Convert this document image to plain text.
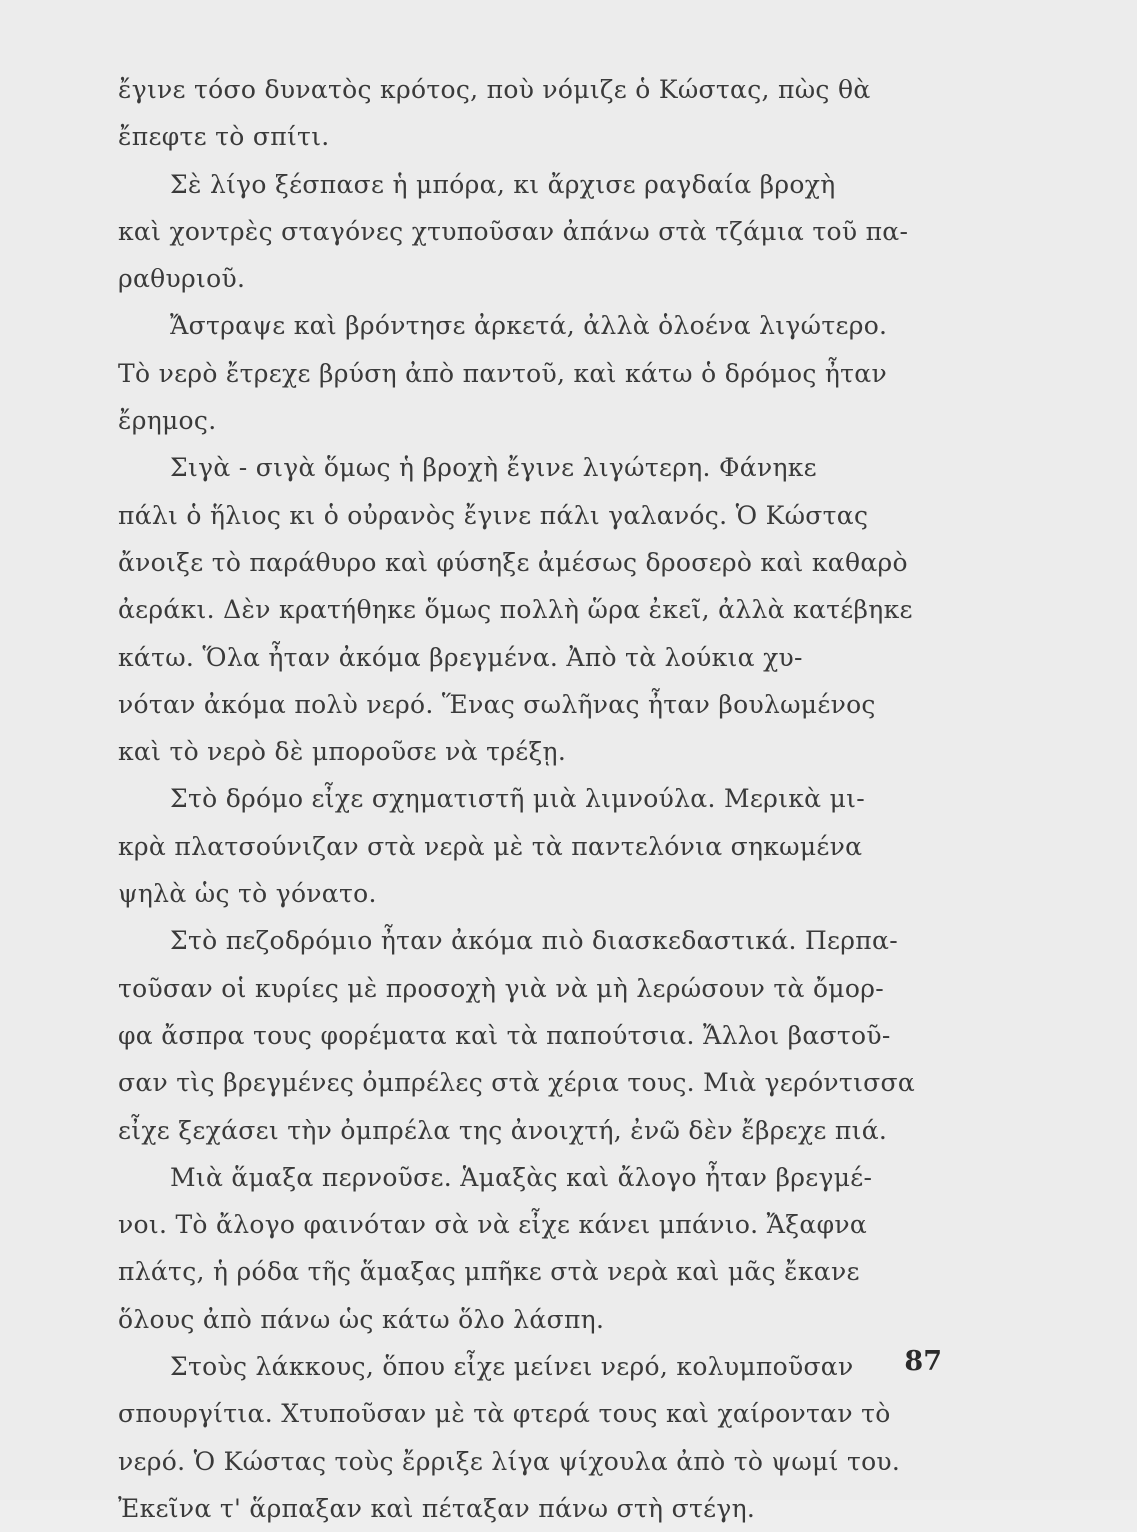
ἔγινε τόσο δυνατὸς κρότος, ποὺ νόμιζε ὁ Κώστας, πὼς θὰ
ἔπεφτε τὸ σπίτι.
Σὲ λίγο ξέσπασε ἡ μπόρα, κι ἄρχισε ραγδαία βροχὴ
καὶ χοντρὲς σταγόνες χτυποῦσαν ἀπάνω στὰ τζάμια τοῦ πα-
ραθυριοῦ.
Ἄστραψε καὶ βρόντησε ἀρκετά, ἀλλὰ ὁλοένα λιγώτερο.
Τὸ νερὸ ἔτρεχε βρύση ἀπὸ παντοῦ, καὶ κάτω ὁ δρόμος ἦταν
ἔρημος.
Σιγὰ - σιγὰ ὅμως ἡ βροχὴ ἔγινε λιγώτερη. Φάνηκε
πάλι ὁ ἥλιος κι ὁ οὐρανὸς ἔγινε πάλι γαλανός. Ὁ Κώστας
ἄνοιξε τὸ παράθυρο καὶ φύσηξε ἀμέσως δροσερὸ καὶ καθαρὸ
ἀεράκι. Δὲν κρατήθηκε ὅμως πολλὴ ὥρα ἐκεῖ, ἀλλὰ κατέβηκε
κάτω. Ὅλα ἦταν ἀκόμα βρεγμένα. Ἀπὸ τὰ λούκια χυ-
νόταν ἀκόμα πολὺ νερό. Ἕνας σωλῆνας ἦταν βουλωμένος
καὶ τὸ νερὸ δὲ μποροῦσε νὰ τρέξῃ.
Στὸ δρόμο εἶχε σχηματιστῆ μιὰ λιμνούλα. Μερικὰ μι-
κρὰ πλατσούνιζαν στὰ νερὰ μὲ τὰ παντελόνια σηκωμένα
ψηλὰ ὡς τὸ γόνατο.
Στὸ πεζοδρόμιο ἦταν ἀκόμα πιὸ διασκεδαστικά. Περπα-
τοῦσαν οἱ κυρίες μὲ προσοχὴ γιὰ νὰ μὴ λερώσουν τὰ ὄμορ-
φα ἄσπρα τους φορέματα καὶ τὰ παπούτσια. Ἄλλοι βαστοῦ-
σαν τὶς βρεγμένες ὀμπρέλες στὰ χέρια τους. Μιὰ γερόντισσα
εἶχε ξεχάσει τὴν ὀμπρέλα της ἀνοιχτή, ἐνῶ δὲν ἔβρεχε πιά.
Μιὰ ἅμαξα περνοῦσε. Ἁμαξὰς καὶ ἄλογο ἦταν βρεγμέ-
νοι. Τὸ ἄλογο φαινόταν σὰ νὰ εἶχε κάνει μπάνιο. Ἄξαφνα
πλάτς, ἡ ρόδα τῆς ἅμαξας μπῆκε στὰ νερὰ καὶ μᾶς ἔκανε
ὅλους ἀπὸ πάνω ὡς κάτω ὅλο λάσπη.
Στοὺς λάκκους, ὅπου εἶχε μείνει νερό, κολυμποῦσαν
σπουργίτια. Χτυποῦσαν μὲ τὰ φτερά τους καὶ χαίρονταν τὸ
νερό. Ὁ Κώστας τοὺς ἔρριξε λίγα ψίχουλα ἀπὸ τὸ ψωμί του.
Ἐκεῖνα τ' ἅρπαξαν καὶ πέταξαν πάνω στὴ στέγη.
87
